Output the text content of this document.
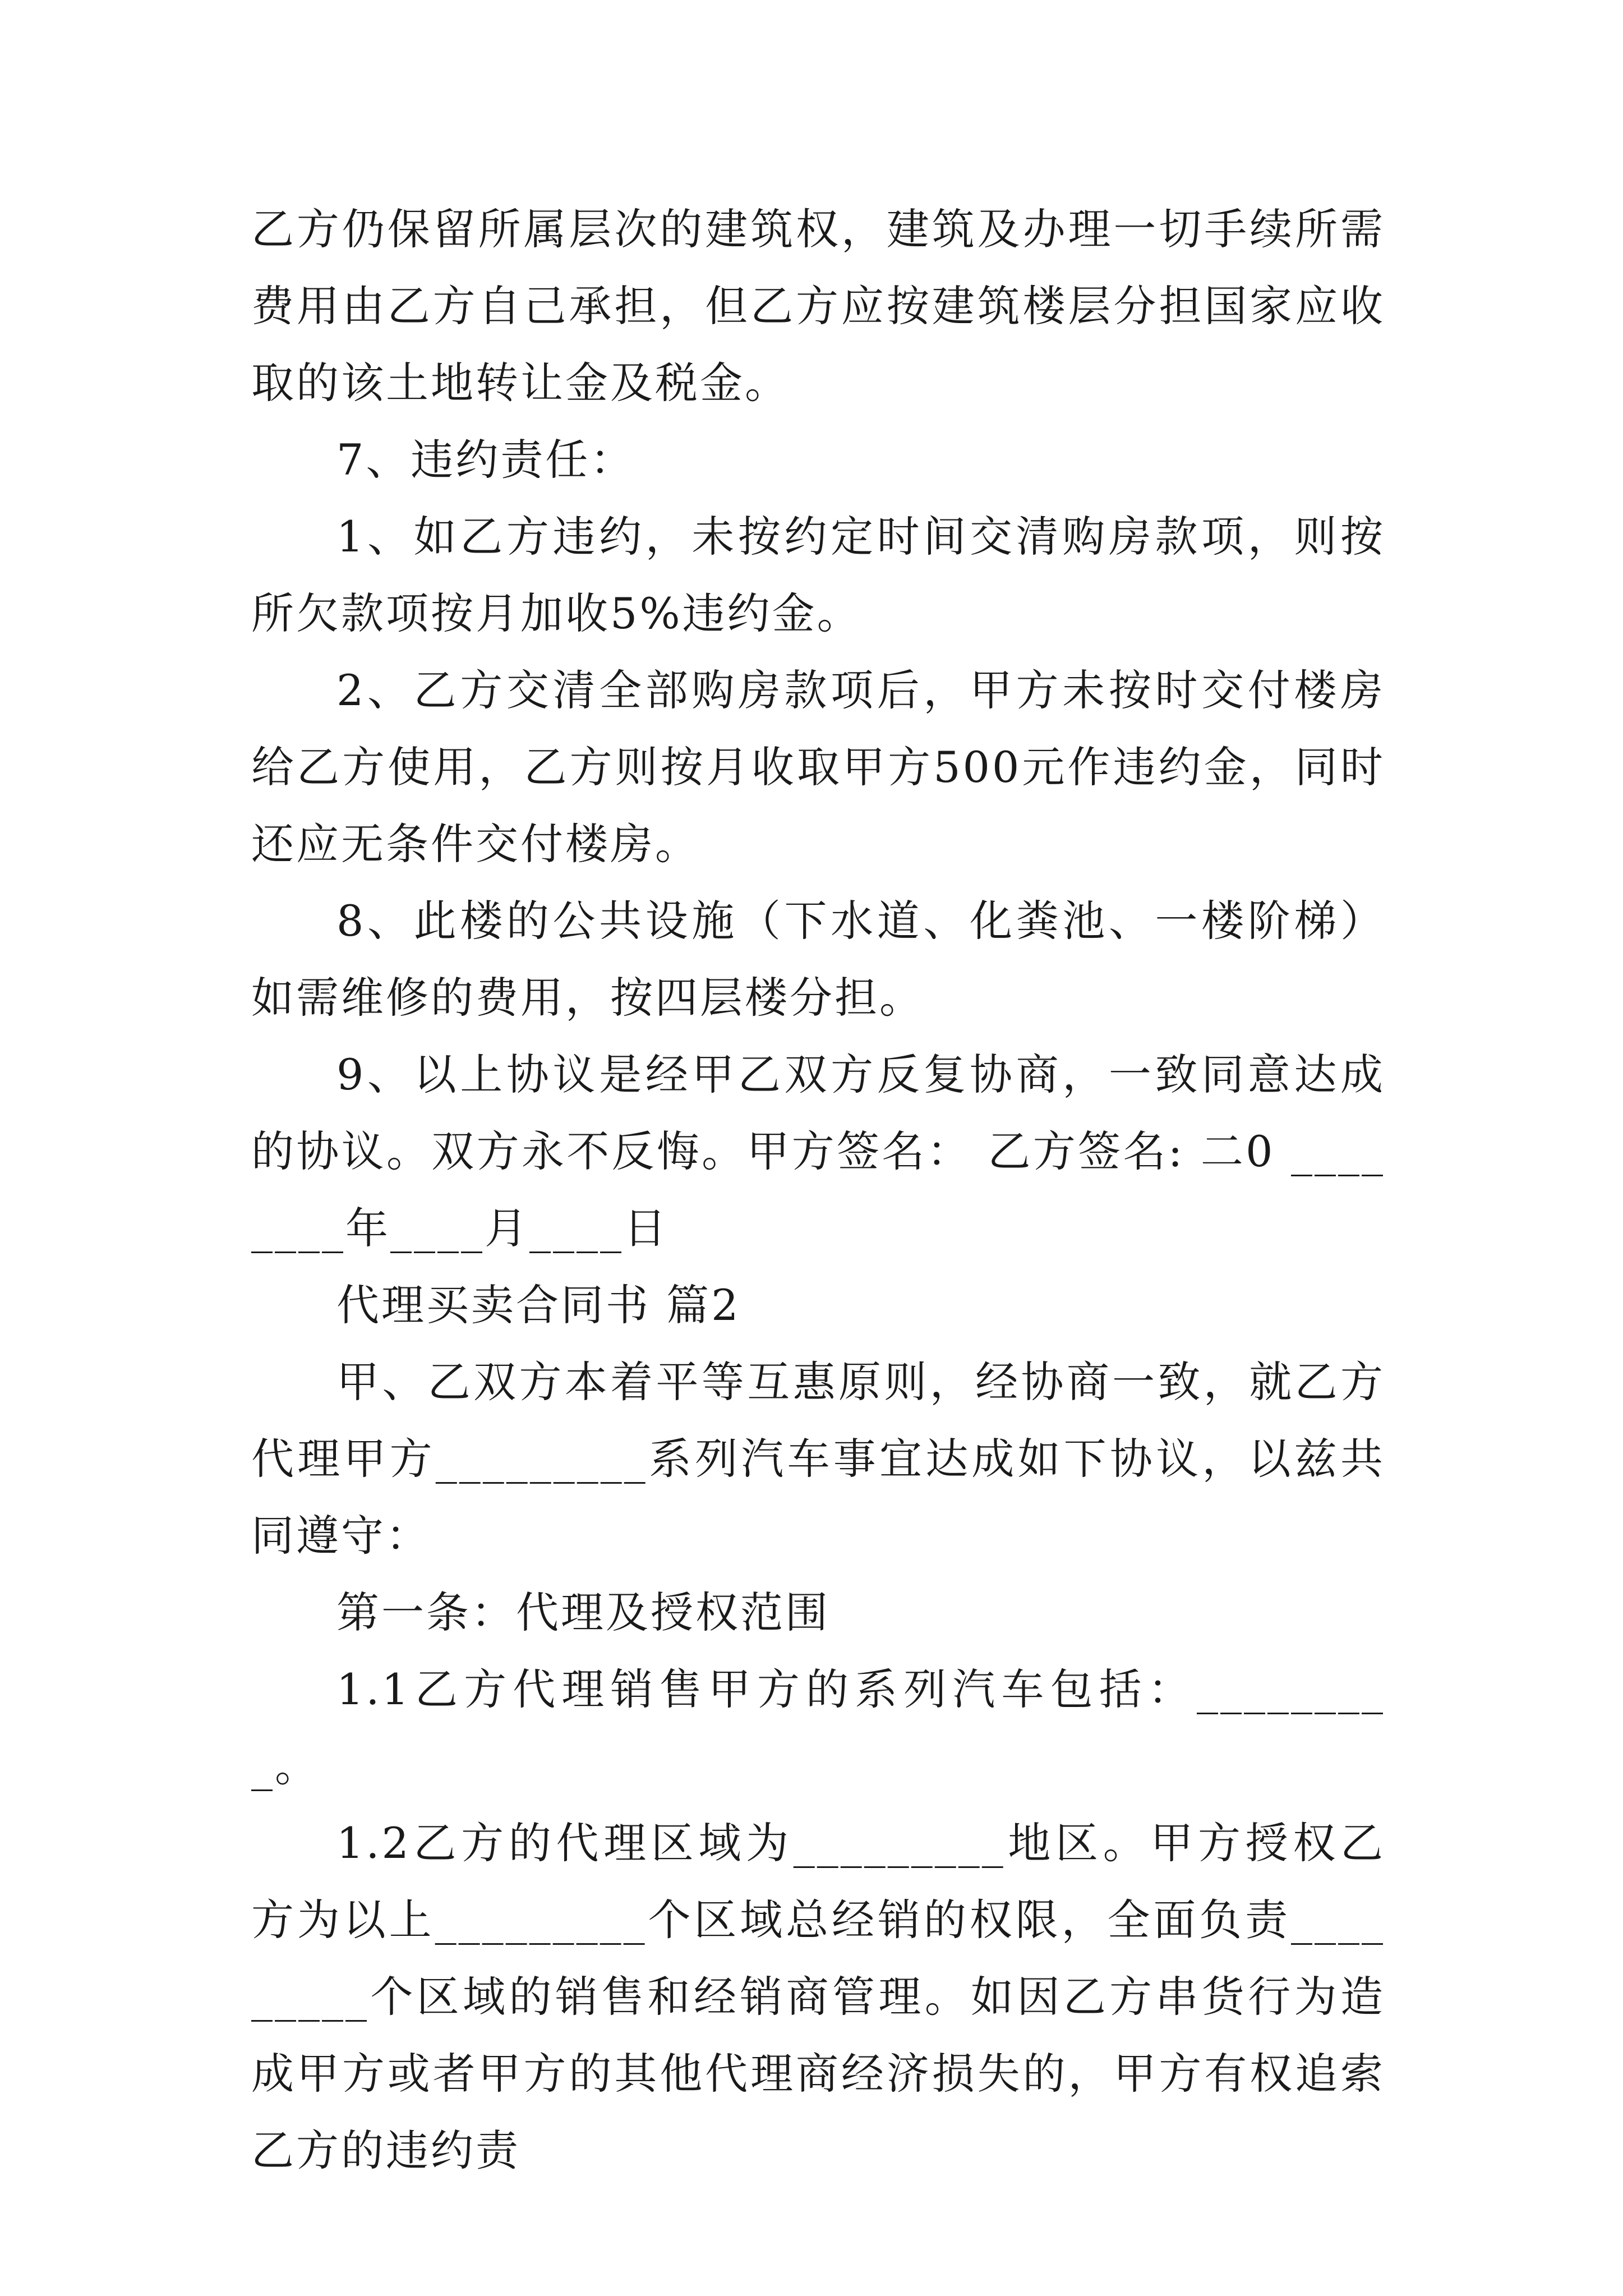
乙方仍保留所属层次的建筑权，建筑及办理一切手续所需费用由乙方自己承担，但乙方应按建筑楼层分担国家应收取的该土地转让金及税金。

7、违约责任：

1、如乙方违约，未按约定时间交清购房款项，则按所欠款项按月加收5%违约金。

2、乙方交清全部购房款项后，甲方未按时交付楼房给乙方使用，乙方则按月收取甲方500元作违约金，同时还应无条件交付楼房。

8、此楼的公共设施（下水道、化粪池、一楼阶梯）如需维修的费用，按四层楼分担。

9、以上协议是经甲乙双方反复协商，一致同意达成的协议。双方永不反悔。甲方签名： 乙方签名: 二0 ________年____月____日

代理买卖合同书 篇2

甲、乙双方本着平等互惠原则，经协商一致，就乙方代理甲方_________系列汽车事宜达成如下协议，以兹共同遵守：

第一条：代理及授权范围

1.1乙方代理销售甲方的系列汽车包括：_________。

1.2乙方的代理区域为_________地区。甲方授权乙方为以上_________个区域总经销的权限，全面负责_________个区域的销售和经销商管理。如因乙方串货行为造成甲方或者甲方的其他代理商经济损失的，甲方有权追索乙方的违约责
